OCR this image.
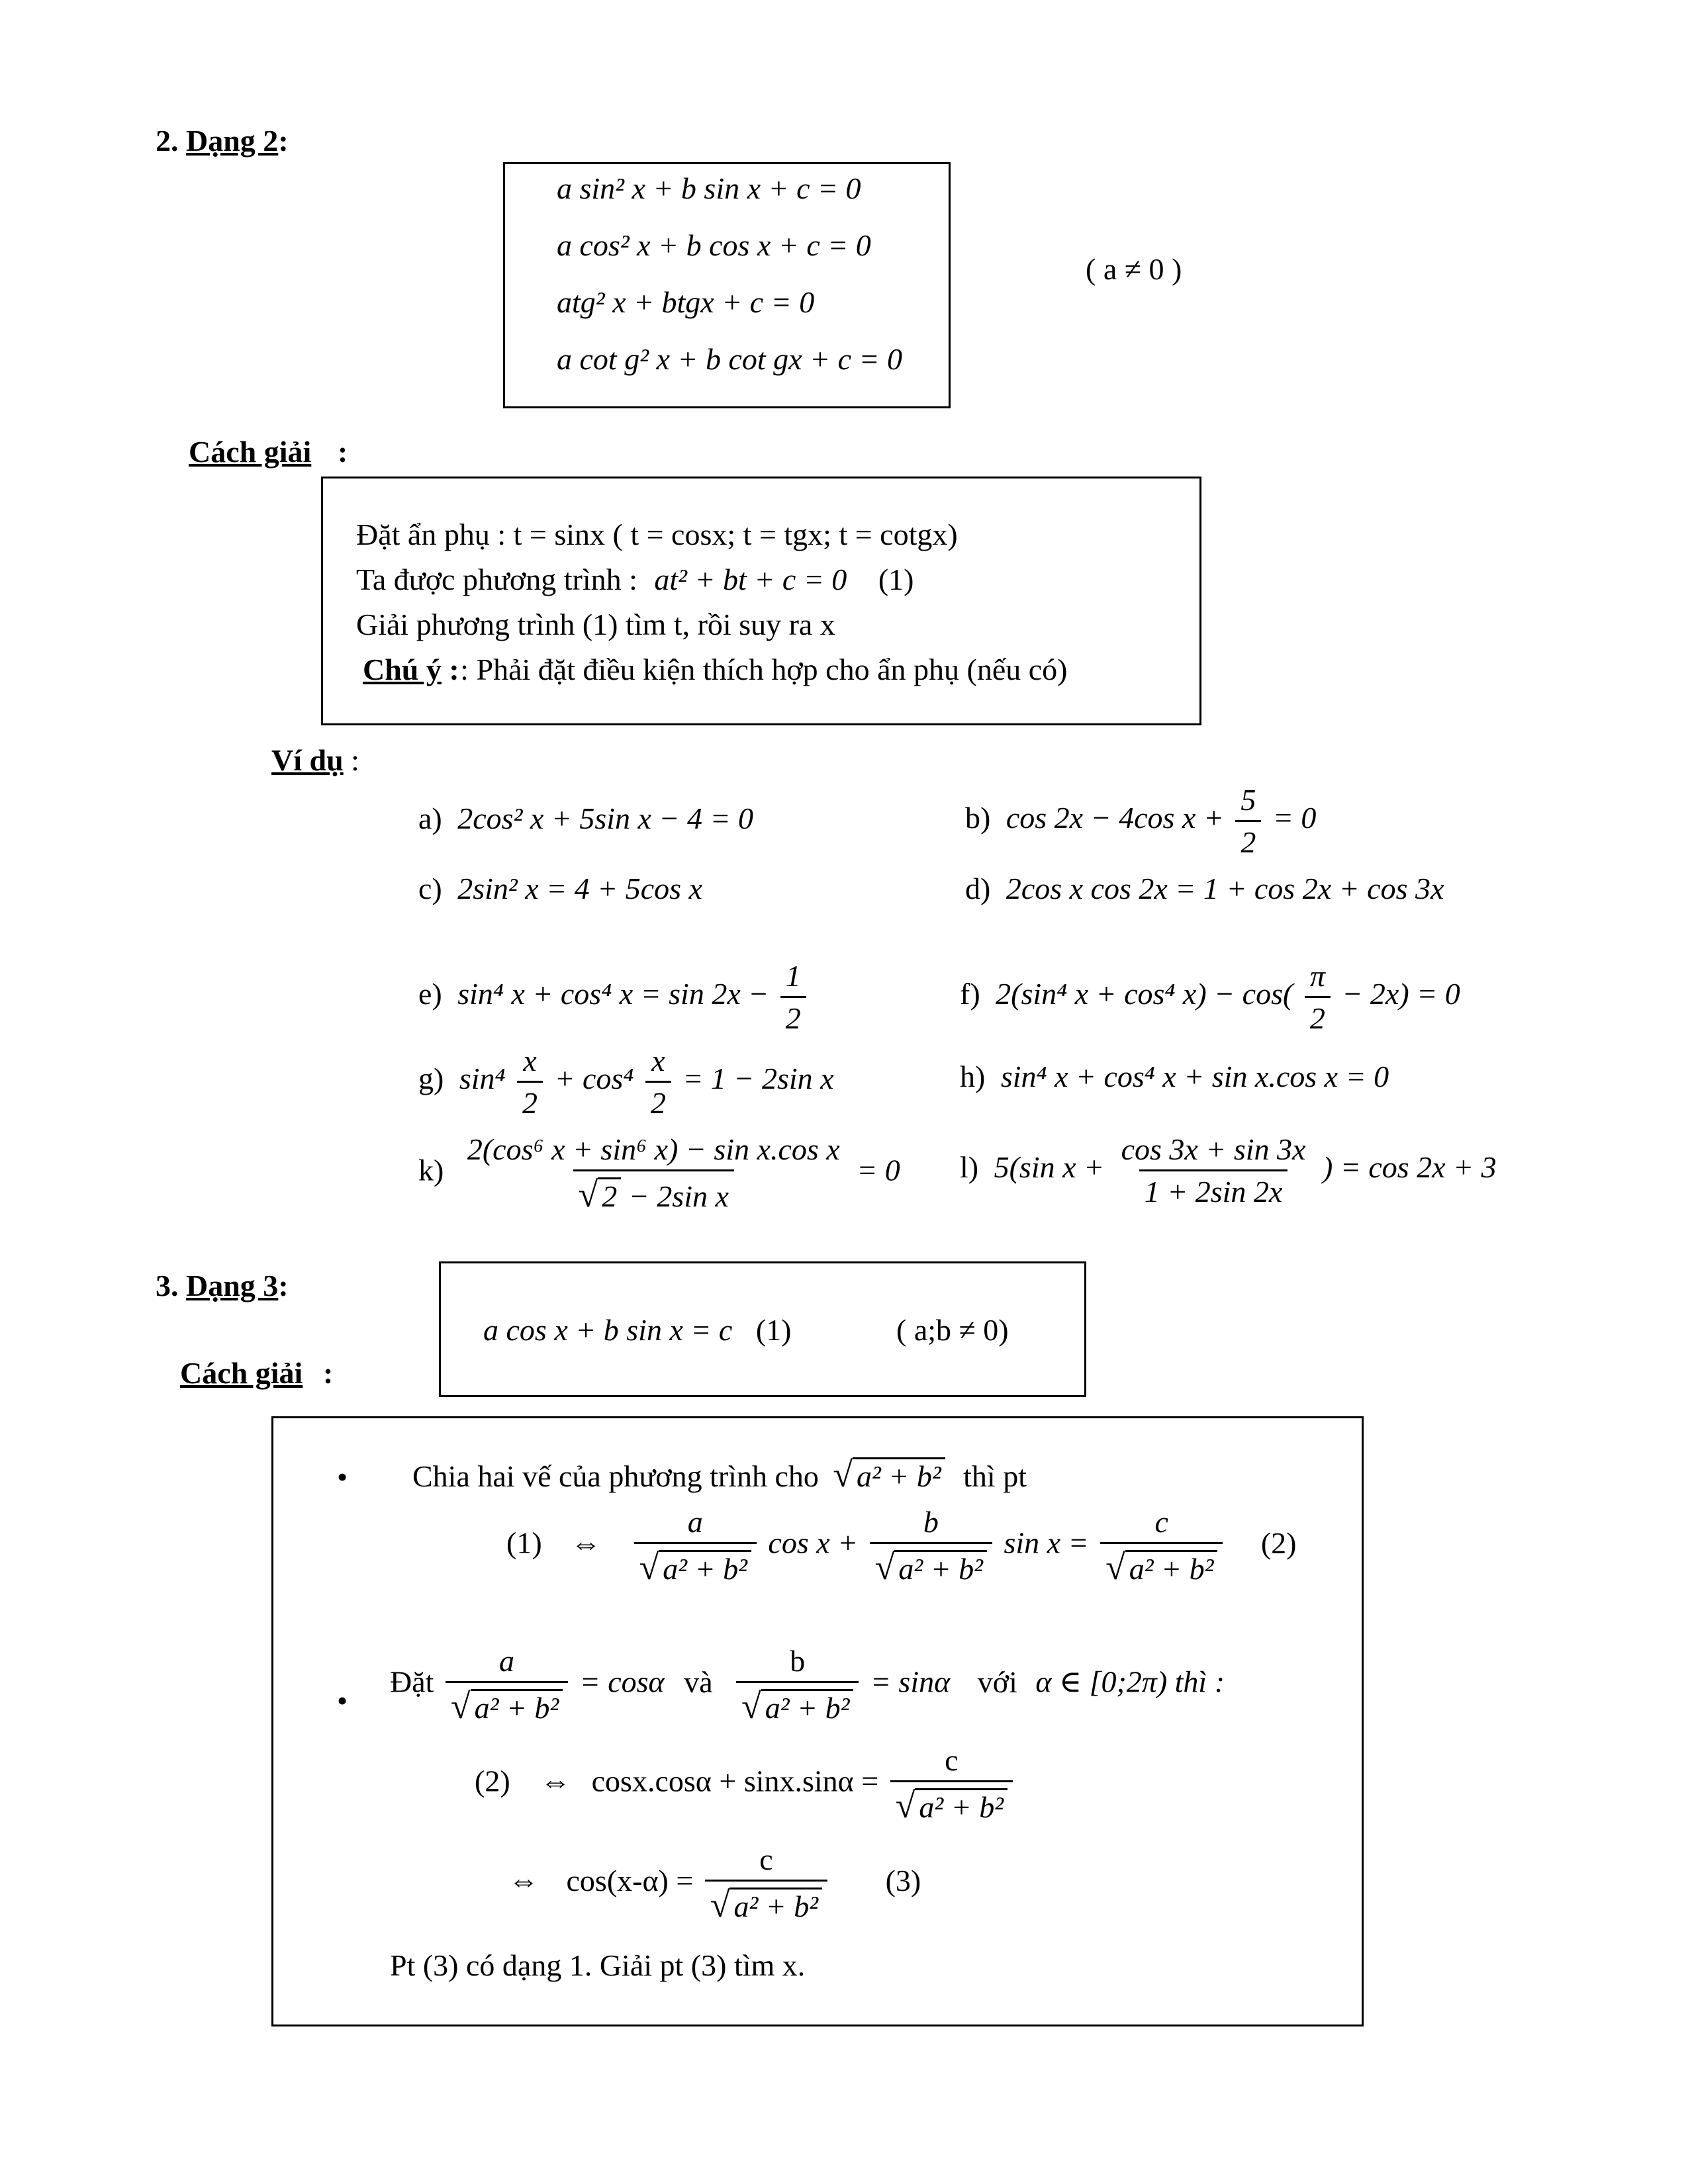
2. Dạng 2:
a sin² x + b sin x + c = 0
a cos² x + b cos x + c = 0
atg² x + btgx + c = 0
a cot g² x + b cot gx + c = 0
( a ≠ 0 )
Cách giải :
Đặt ẩn phụ : t = sinx ( t = cosx; t = tgx; t = cotgx)
Ta được phương trình : at² + bt + c = 0 (1)
Giải phương trình (1) tìm t, rồi suy ra x
Chú ý : : Phải đặt điều kiện thích hợp cho ẩn phụ (nếu có)
Ví dụ :
a) 2cos² x + 5sin x − 4 = 0	b) cos 2x − 4cos $x + \frac{5}{2} = 0$
c) 2sin² x = 4 + 5cos x	d) 2cos x cos 2x = 1 + cos 2x + cos 3x
e) sin⁴ x + cos⁴ $x = \sin 2x - \frac{1}{2}$	f) 2(sin⁴ x + cos⁴ $x) - \cos( \frac{\pi}{2} - 2x) = 0$
g) $\sin^4 \frac{x}{2} + \cos^4 \frac{x}{2} = 1 - 2\sin$ x	h) sin⁴ x + cos⁴ x + sin x.cos x = 0
$k) \frac{\text{2(cos⁶ x + sin⁶ x) − sin x.cos x}}{\text{√ 2 − 2sin x}} = 0$ l) 5(sin $x + \frac{\cos 3x + \sin 3x}{1 + 2\sin 2x}$ ) = cos 2x + 3
3. Dạng 3:
a cos x + b sin x = c (1)	( a;b ≠ 0)
Cách giải :
• Chia hai vế của phương trình cho √ a² + b² thì pt
(1) ⇔ $\frac{a}{\text{√ a² + b²}}$ $\cos x + \frac{b}{\text{√ a² + b²}}$ $\sin x = \frac{c}{\text{√ a² + b²}} (2)$
•
Đặt $\frac{a}{\text{√ a² + b²}} = \cos\alpha$ và $\frac{b}{\text{√ a² + b²}} = \sin\alpha$ với α ∈ [0;2π) thì :
(2) ⇔ $\cos x.\cos\alpha + \sin x.\sin\alpha = \frac{c}{\text{√ a² + b²}}$
⇔ $\cos(x-\alpha) = \frac{c}{\text{√ a² + b²}} (3)$
Pt (3) có dạng 1. Giải pt (3) tìm x.
